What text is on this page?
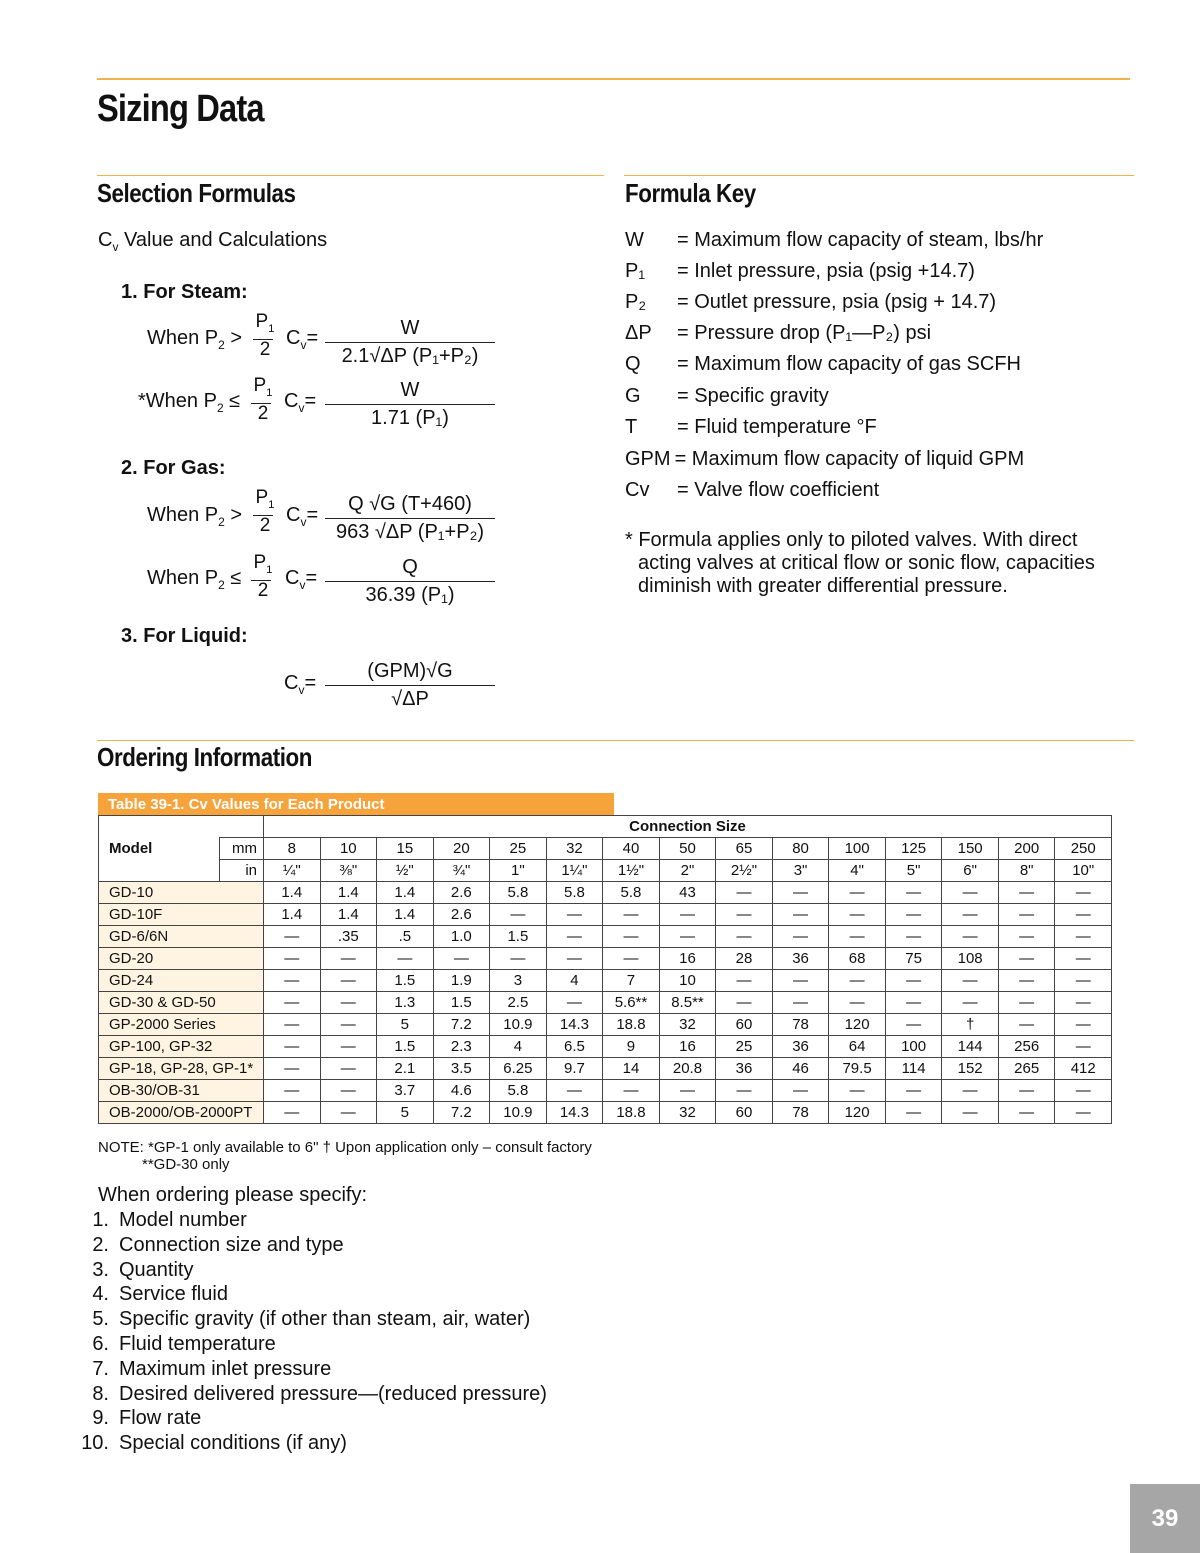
Sizing Data
Selection Formulas
$C_v$ Value and Calculations
1. For Steam:
When $P_2$ >
$P_1$
2
$C_v=$	W
2.1√ΔP (P₁+P₂)
*When $P_2$ ≤
$P_1$
2
$C_v=$	W
1.71 (P₁)
2. For Gas:
When $P_2$ >
$P_1$
2 $C_v=$	Q √G (T+460)
963 √ΔP (P₁+P₂)
When $P_2$ ≤
$P_1$
2
$C_v=$	Q
36.39 (P₁)
3. For Liquid:
$C_v=$
(GPM)√G
√ΔP
Formula Key
W = Maximum flow capacity of steam, lbs/hr
P₁ = Inlet pressure, psia (psig +14.7)
P₂ = Outlet pressure, psia (psig + 14.7)
ΔP = Pressure drop (P₁—P₂) psi
Q = Maximum flow capacity of gas SCFH
G = Specific gravity
T = Fluid temperature °F
GPM = Maximum flow capacity of liquid GPM
Cv = Valve flow coefficient
* Formula applies only to piloted valves. With direct
acting valves at critical flow or sonic flow, capacities
diminish with greater differential pressure.
Ordering Information
Table 39-1. Cv Values for Each Product
Model		Connection Size														
	mm	8	10	15	20	25	32	40	50	65	80	100	125	150	200	250
	in	¼"	⅜"	½"	¾"	1"	1¼"	1½"	2"	2½"	3"	4"	5"	6"	8"	10"
GD-10		1.4	1.4	1.4	2.6	5.8	5.8	5.8	43	—	—	—	—	—	—	—
GD-10F		1.4	1.4	1.4	2.6	—	—	—	—	—	—	—	—	—	—	—
GD-6/6N		—	.35	.5	1.0	1.5	—	—	—	—	—	—	—	—	—	—
GD-20		—	—	—	—	—	—	—	16	28	36	68	75	108	—	—
GD-24		—	—	1.5	1.9	3	4	7	10	—	—	—	—	—	—	—
GD-30 & GD-50		—	—	1.3	1.5	2.5	—	5.6**	8.5**	—	—	—	—	—	—	—
GP-2000 Series		—	—	5	7.2	10.9	14.3	18.8	32	60	78	120	—	†	—	—
GP-100, GP-32		—	—	1.5	2.3	4	6.5	9	16	25	36	64	100	144	256	—
GP-18, GP-28, GP-1*		—	—	2.1	3.5	6.25	9.7	14	20.8	36	46	79.5	114	152	265	412
OB-30/OB-31		—	—	3.7	4.6	5.8	—	—	—	—	—	—	—	—	—	—
OB-2000/OB-2000PT		—	—	5	7.2	10.9	14.3	18.8	32	60	78	120	—	—	—	—
NOTE: *GP-1 only available to 6" † Upon application only – consult factory
**GD-30 only
When ordering please specify:
1. Model number
2. Connection size and type
3. Quantity
4. Service fluid
5. Specific gravity (if other than steam, air, water)
6. Fluid temperature
7. Maximum inlet pressure
8. Desired delivered pressure—(reduced pressure)
9. Flow rate
10. Special conditions (if any)
39
